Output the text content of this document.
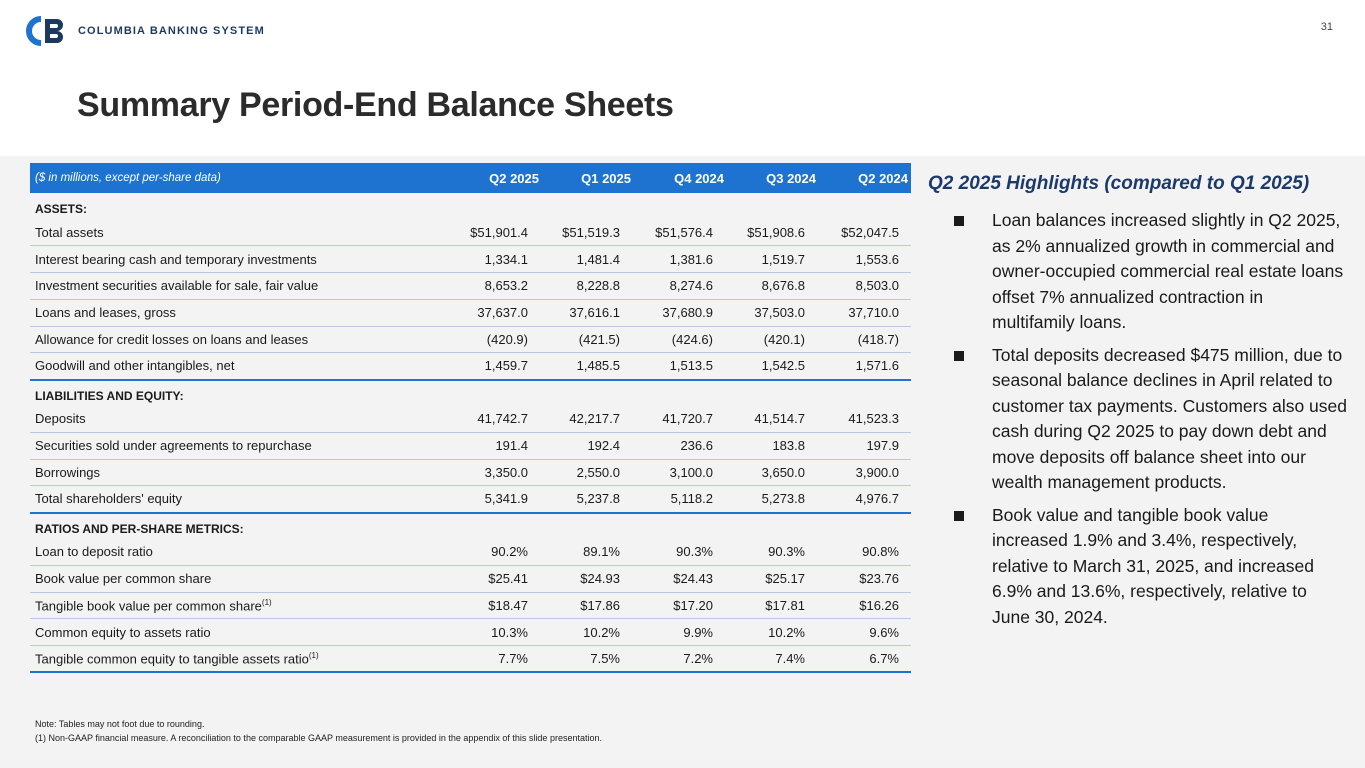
COLUMBIA BANKING SYSTEM	31
Summary Period-End Balance Sheets
($ in millions, except per-share data)	Q2 2025	Q1 2025	Q4 2024	Q3 2024	Q2 2024
ASSETS:					
Total assets	$51,901.4	$51,519.3	$51,576.4	$51,908.6	$52,047.5
Interest bearing cash and temporary investments	1,334.1	1,481.4	1,381.6	1,519.7	1,553.6
Investment securities available for sale, fair value	8,653.2	8,228.8	8,274.6	8,676.8	8,503.0
Loans and leases, gross	37,637.0	37,616.1	37,680.9	37,503.0	37,710.0
Allowance for credit losses on loans and leases	(420.9)	(421.5)	(424.6)	(420.1)	(418.7)
Goodwill and other intangibles, net	1,459.7	1,485.5	1,513.5	1,542.5	1,571.6
LIABILITIES AND EQUITY:					
Deposits	41,742.7	42,217.7	41,720.7	41,514.7	41,523.3
Securities sold under agreements to repurchase	191.4	192.4	236.6	183.8	197.9
Borrowings	3,350.0	2,550.0	3,100.0	3,650.0	3,900.0
Total shareholders' equity	5,341.9	5,237.8	5,118.2	5,273.8	4,976.7
RATIOS AND PER-SHARE METRICS:					
Loan to deposit ratio	90.2%	89.1%	90.3%	90.3%	90.8%
Book value per common share	$25.41	$24.93	$24.43	$25.17	$23.76
Tangible book value per common share$^{(1)}$	$18.47	$17.86	$17.20	$17.81	$16.26
Common equity to assets ratio	10.3%	10.2%	9.9%	10.2%	9.6%
Tangible common equity to tangible assets ratio$^{(1)}$	7.7%	7.5%	7.2%	7.4%	6.7%
Note: Tables may not foot due to rounding.
(1) Non-GAAP financial measure. A reconciliation to the comparable GAAP measurement is provided in the appendix of this slide presentation.
Q2 2025 Highlights (compared to Q1 2025)
Loan balances increased slightly in Q2 2025, as 2% annualized growth in commercial and owner-occupied commercial real estate loans offset 7% annualized contraction in multifamily loans.
Total deposits decreased $475 million, due to seasonal balance declines in April related to customer tax payments. Customers also used cash during Q2 2025 to pay down debt and move deposits off balance sheet into our wealth management products.
Book value and tangible book value increased 1.9% and 3.4%, respectively, relative to March 31, 2025, and increased 6.9% and 13.6%, respectively, relative to June 30, 2024.
